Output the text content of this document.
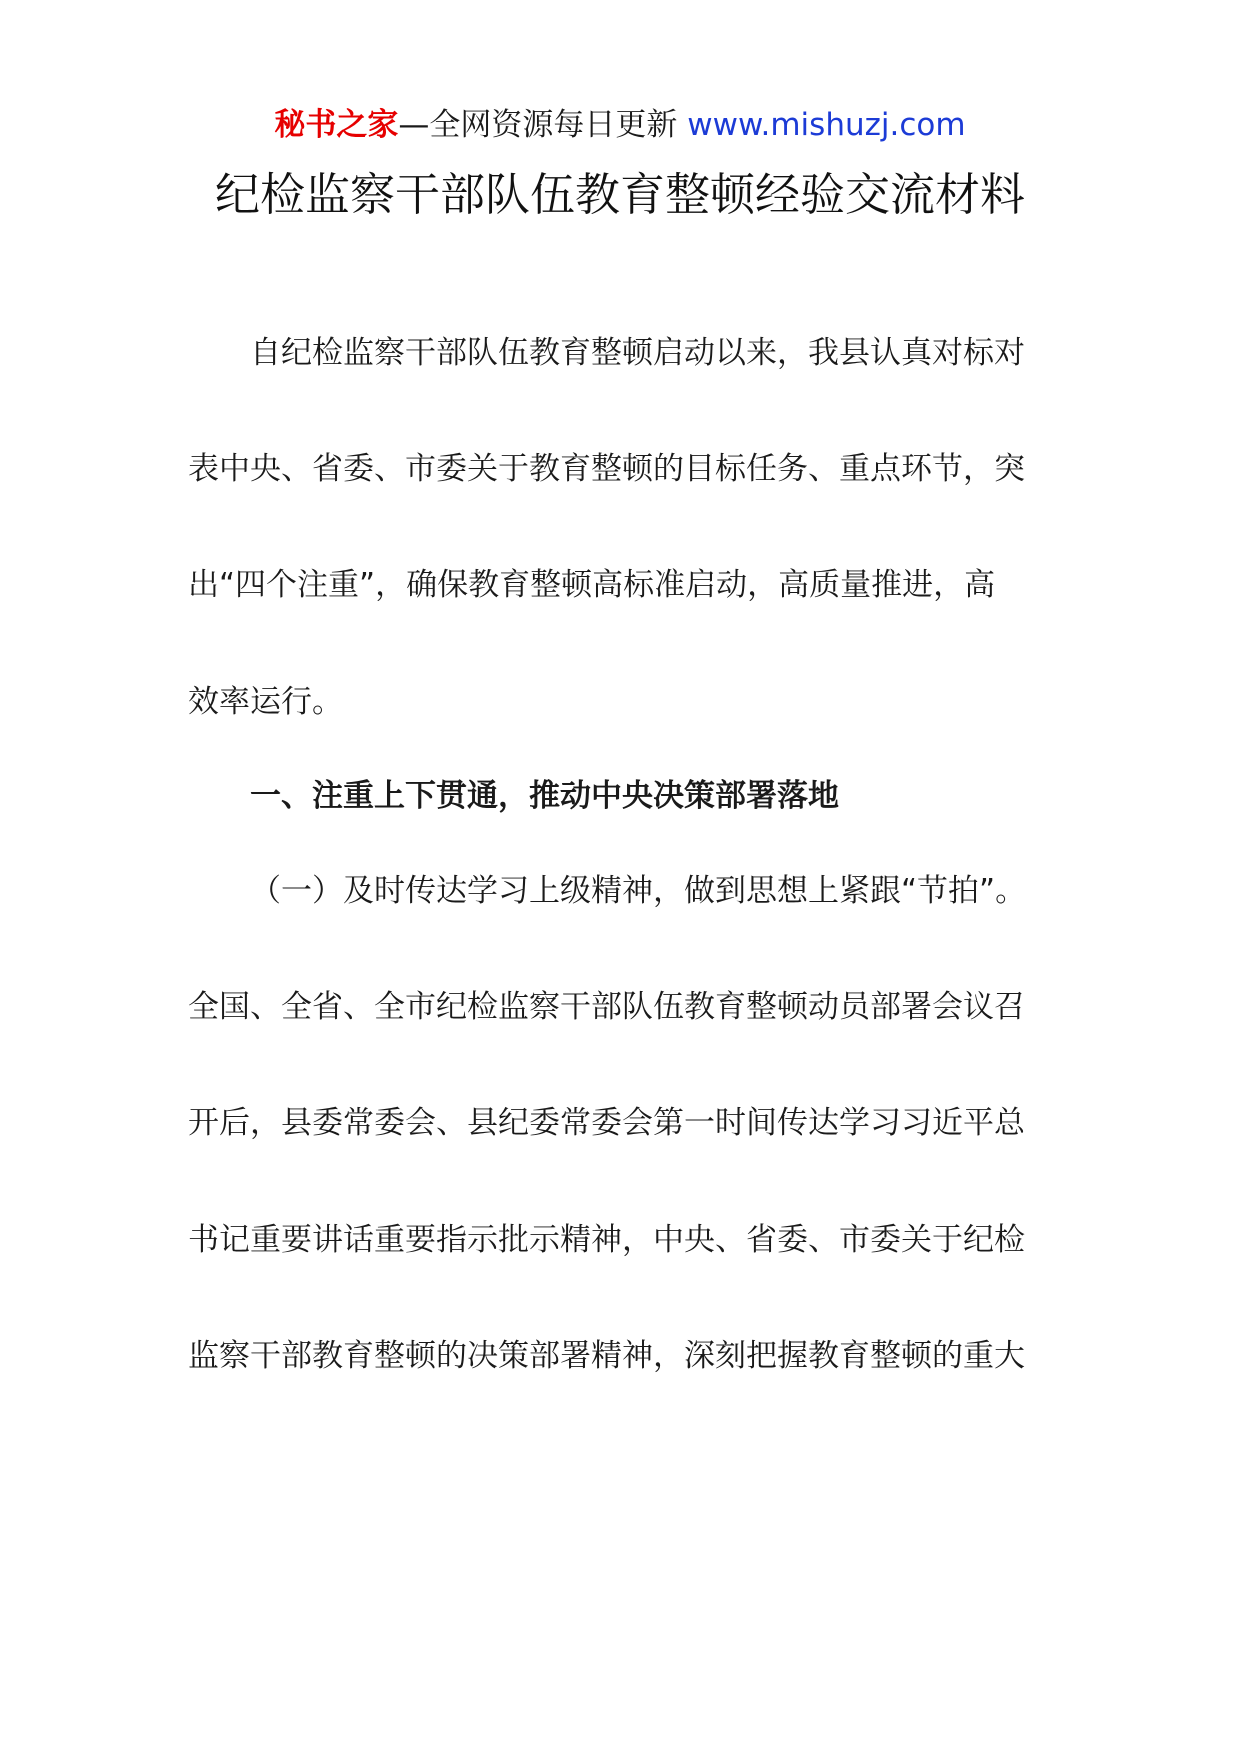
秘书之家—全网资源每日更新 www.mishuzj.com
纪检监察干部队伍教育整顿经验交流材料
自纪检监察干部队伍教育整顿启动以来，我县认真对标对
表中央、省委、市委关于教育整顿的目标任务、重点环节，突
出“四个注重”，确保教育整顿高标准启动，高质量推进，高
效率运行。
一、注重上下贯通，推动中央决策部署落地
（一）及时传达学习上级精神，做到思想上紧跟“节拍”。
全国、全省、全市纪检监察干部队伍教育整顿动员部署会议召
开后，县委常委会、县纪委常委会第一时间传达学习习近平总
书记重要讲话重要指示批示精神，中央、省委、市委关于纪检
监察干部教育整顿的决策部署精神，深刻把握教育整顿的重大
